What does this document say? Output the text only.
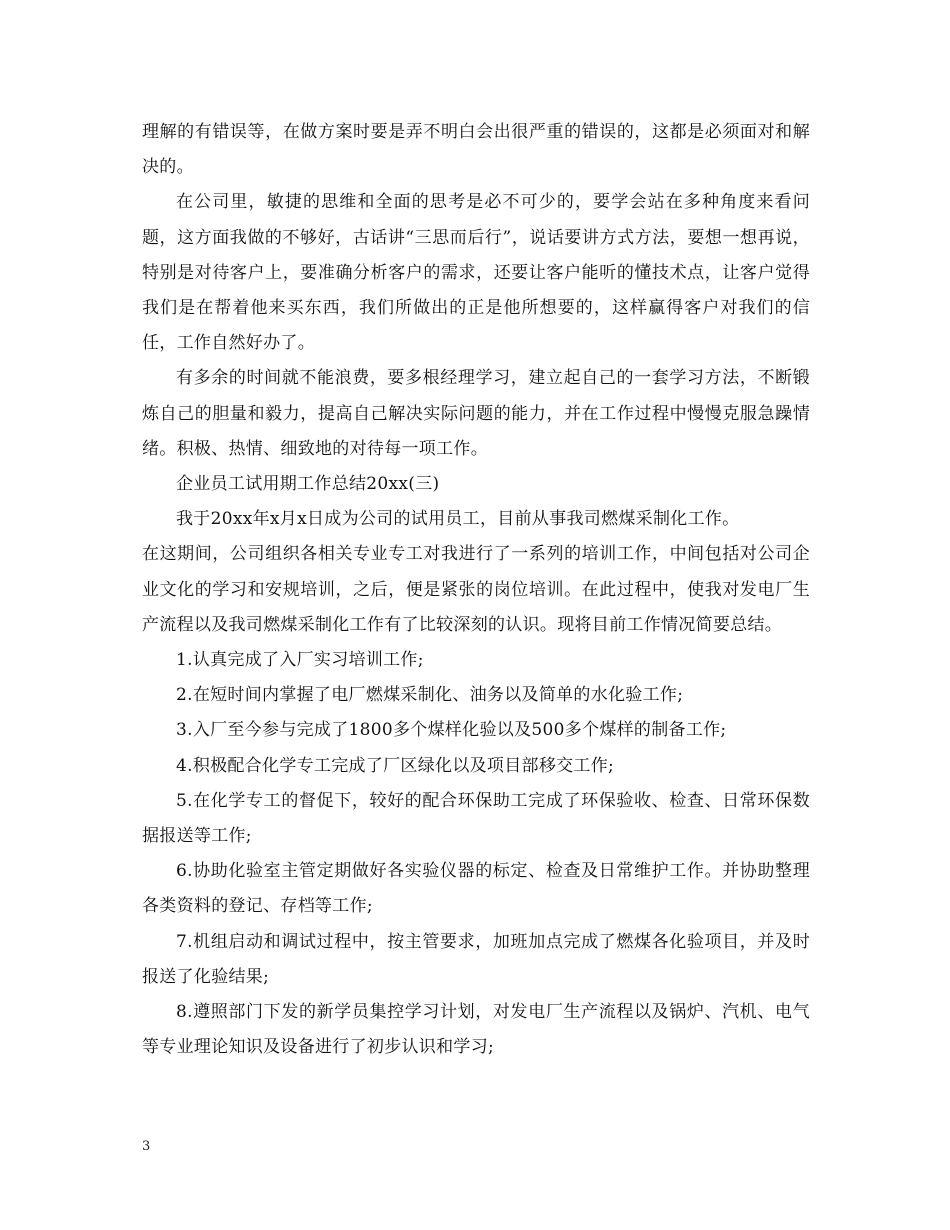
理解的有错误等，在做方案时要是弄不明白会出很严重的错误的，这都是必须面对和解决的。

在公司里，敏捷的思维和全面的思考是必不可少的，要学会站在多种角度来看问题，这方面我做的不够好，古话讲“三思而后行”，说话要讲方式方法，要想一想再说，特别是对待客户上，要准确分析客户的需求，还要让客户能听的懂技术点，让客户觉得我们是在帮着他来买东西，我们所做出的正是他所想要的，这样赢得客户对我们的信任，工作自然好办了。

有多余的时间就不能浪费，要多根经理学习，建立起自己的一套学习方法，不断锻炼自己的胆量和毅力，提高自己解决实际问题的能力，并在工作过程中慢慢克服急躁情绪。积极、热情、细致地的对待每一项工作。

企业员工试用期工作总结20xx(三)

我于20xx年x月x日成为公司的试用员工，目前从事我司燃煤采制化工作。

在这期间，公司组织各相关专业专工对我进行了一系列的培训工作，中间包括对公司企业文化的学习和安规培训，之后，便是紧张的岗位培训。在此过程中，使我对发电厂生产流程以及我司燃煤采制化工作有了比较深刻的认识。现将目前工作情况简要总结。

1.认真完成了入厂实习培训工作;

2.在短时间内掌握了电厂燃煤采制化、油务以及简单的水化验工作;

3.入厂至今参与完成了1800多个煤样化验以及500多个煤样的制备工作;

4.积极配合化学专工完成了厂区绿化以及项目部移交工作;

5.在化学专工的督促下，较好的配合环保助工完成了环保验收、检查、日常环保数据报送等工作;

6.协助化验室主管定期做好各实验仪器的标定、检查及日常维护工作。并协助整理各类资料的登记、存档等工作;

7.机组启动和调试过程中，按主管要求，加班加点完成了燃煤各化验项目，并及时报送了化验结果;

8.遵照部门下发的新学员集控学习计划，对发电厂生产流程以及锅炉、汽机、电气等专业理论知识及设备进行了初步认识和学习;

3
